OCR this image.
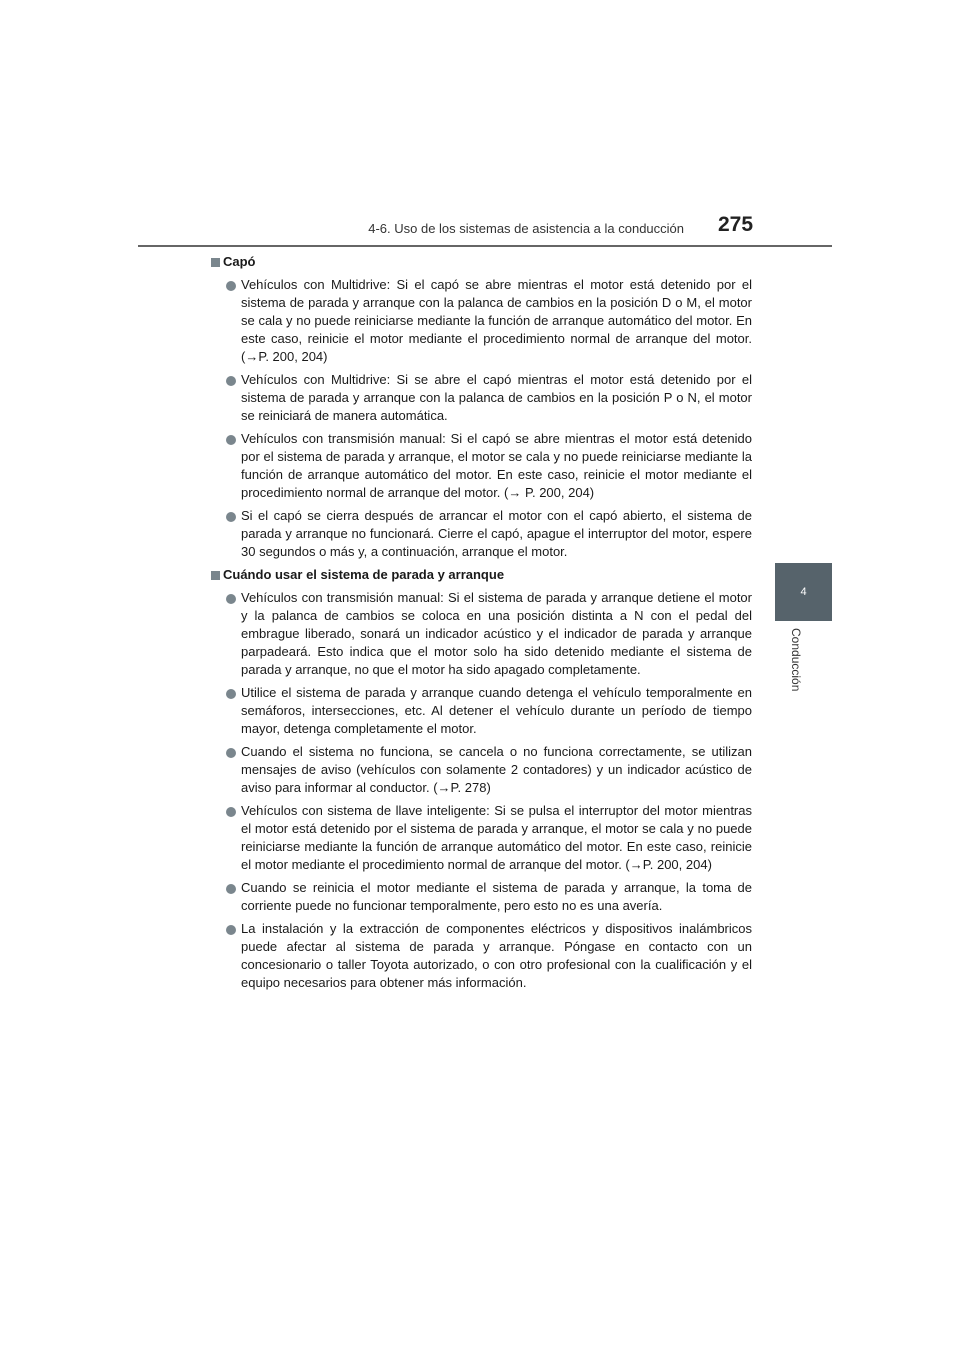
4-6. Uso de los sistemas de asistencia a la conducción 275
4
Conducción
Capó
Vehículos con Multidrive: Si el capó se abre mientras el motor está detenido por el sistema de parada y arranque con la palanca de cambios en la posición D o M, el motor se cala y no puede reiniciarse mediante la función de arranque automático del motor. En este caso, reinicie el motor mediante el procedimiento normal de arranque del motor. (→P. 200, 204)
Vehículos con Multidrive: Si se abre el capó mientras el motor está detenido por el sistema de parada y arranque con la palanca de cambios en la posición P o N, el motor se reiniciará de manera automática.
Vehículos con transmisión manual: Si el capó se abre mientras el motor está detenido por el sistema de parada y arranque, el motor se cala y no puede reiniciarse mediante la función de arranque automático del motor. En este caso, reinicie el motor mediante el procedimiento normal de arranque del motor. (→ P. 200, 204)
Si el capó se cierra después de arrancar el motor con el capó abierto, el sistema de parada y arranque no funcionará. Cierre el capó, apague el interruptor del motor, espere 30 segundos o más y, a continuación, arranque el motor.
Cuándo usar el sistema de parada y arranque
Vehículos con transmisión manual: Si el sistema de parada y arranque detiene el motor y la palanca de cambios se coloca en una posición distinta a N con el pedal del embrague liberado, sonará un indicador acústico y el indicador de parada y arranque parpadeará. Esto indica que el motor solo ha sido detenido mediante el sistema de parada y arranque, no que el motor ha sido apagado completamente.
Utilice el sistema de parada y arranque cuando detenga el vehículo temporalmente en semáforos, intersecciones, etc. Al detener el vehículo durante un período de tiempo mayor, detenga completamente el motor.
Cuando el sistema no funciona, se cancela o no funciona correctamente, se utilizan mensajes de aviso (vehículos con solamente 2 contadores) y un indicador acústico de aviso para informar al conductor. (→P. 278)
Vehículos con sistema de llave inteligente: Si se pulsa el interruptor del motor mientras el motor está detenido por el sistema de parada y arranque, el motor se cala y no puede reiniciarse mediante la función de arranque automático del motor. En este caso, reinicie el motor mediante el procedimiento normal de arranque del motor. (→P. 200, 204)
Cuando se reinicia el motor mediante el sistema de parada y arranque, la toma de corriente puede no funcionar temporalmente, pero esto no es una avería.
La instalación y la extracción de componentes eléctricos y dispositivos inalámbricos puede afectar al sistema de parada y arranque. Póngase en contacto con un concesionario o taller Toyota autorizado, o con otro profesional con la cualificación y el equipo necesarios para obtener más información.
